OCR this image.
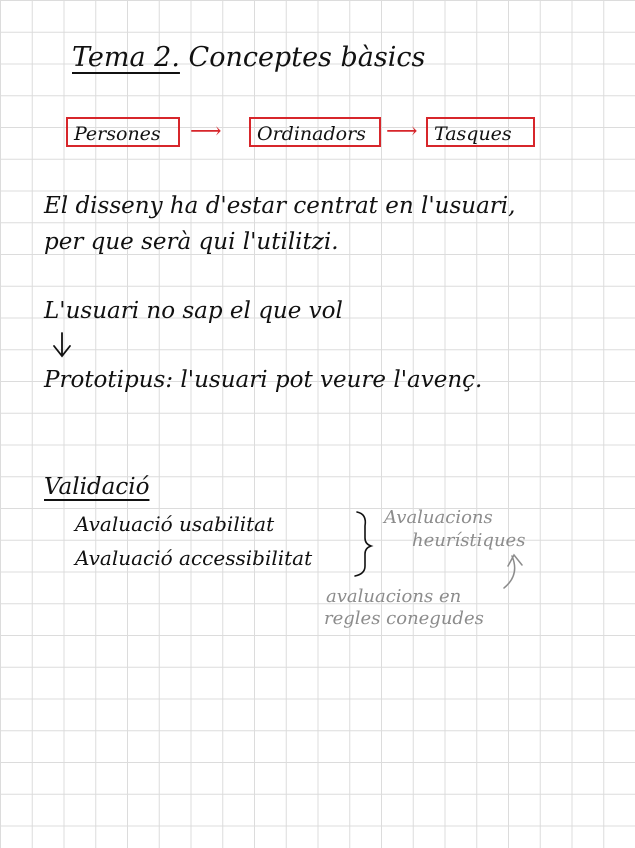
Tema 2. Conceptes bàsics
Persones	⟶	Ordinadors ⟶ Tasques
El disseny ha d'estar centrat en l'usuari,
per que serà qui l'utilitzi.
L'usuari no sap el que vol
Prototipus: l'usuari pot veure l'avenç.
Validació
Avaluació usabilitat
Avaluació accessibilitat
Avaluacions
heurístiques
avaluacions en
regles conegudes
